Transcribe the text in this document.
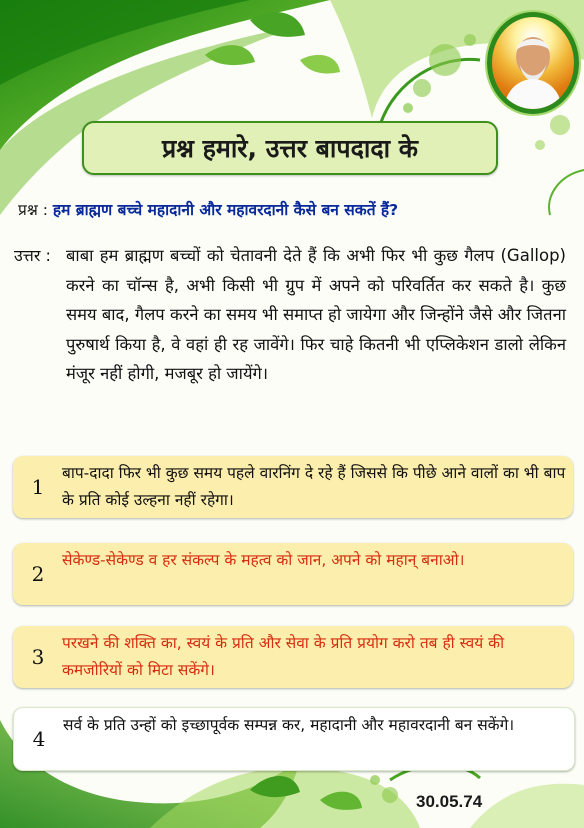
प्रश्न हमारे, उत्तर बापदादा के
प्रश्न : हम ब्राह्मण बच्चे महादानी और महावरदानी कैसे बन सकतें हैं?
उत्तर : बाबा हम ब्राह्मण बच्चों को चेतावनी देते हैं कि अभी फिर भी कुछ गैलप (Gallop) करने का चॉन्स है, अभी किसी भी ग्रुप में अपने को परिवर्तित कर सकते है। कुछ समय बाद, गैलप करने का समय भी समाप्त हो जायेगा और जिन्होंने जैसे और जितना पुरुषार्थ किया है, वे वहां ही रह जावेंगे। फिर चाहे कितनी भी एप्लिकेशन डालो लेकिन मंजूर नहीं होगी, मजबूर हो जायेंगे।
1
बाप-दादा फिर भी कुछ समय पहले वारनिंग दे रहे हैं जिससे कि पीछे आने वालों का भी बाप के प्रति कोई उल्हना नहीं रहेगा।
2
सेकेण्ड-सेकेण्ड व हर संकल्प के महत्व को जान, अपने को महान् बनाओ।
3
परखने की शक्ति का, स्वयं के प्रति और सेवा के प्रति प्रयोग करो तब ही स्वयं की कमजोरियों को मिटा सकेंगे।
4
सर्व के प्रति उन्हों को इच्छापूर्वक सम्पन्न कर, महादानी और महावरदानी बन सकेंगे।
30.05.74
